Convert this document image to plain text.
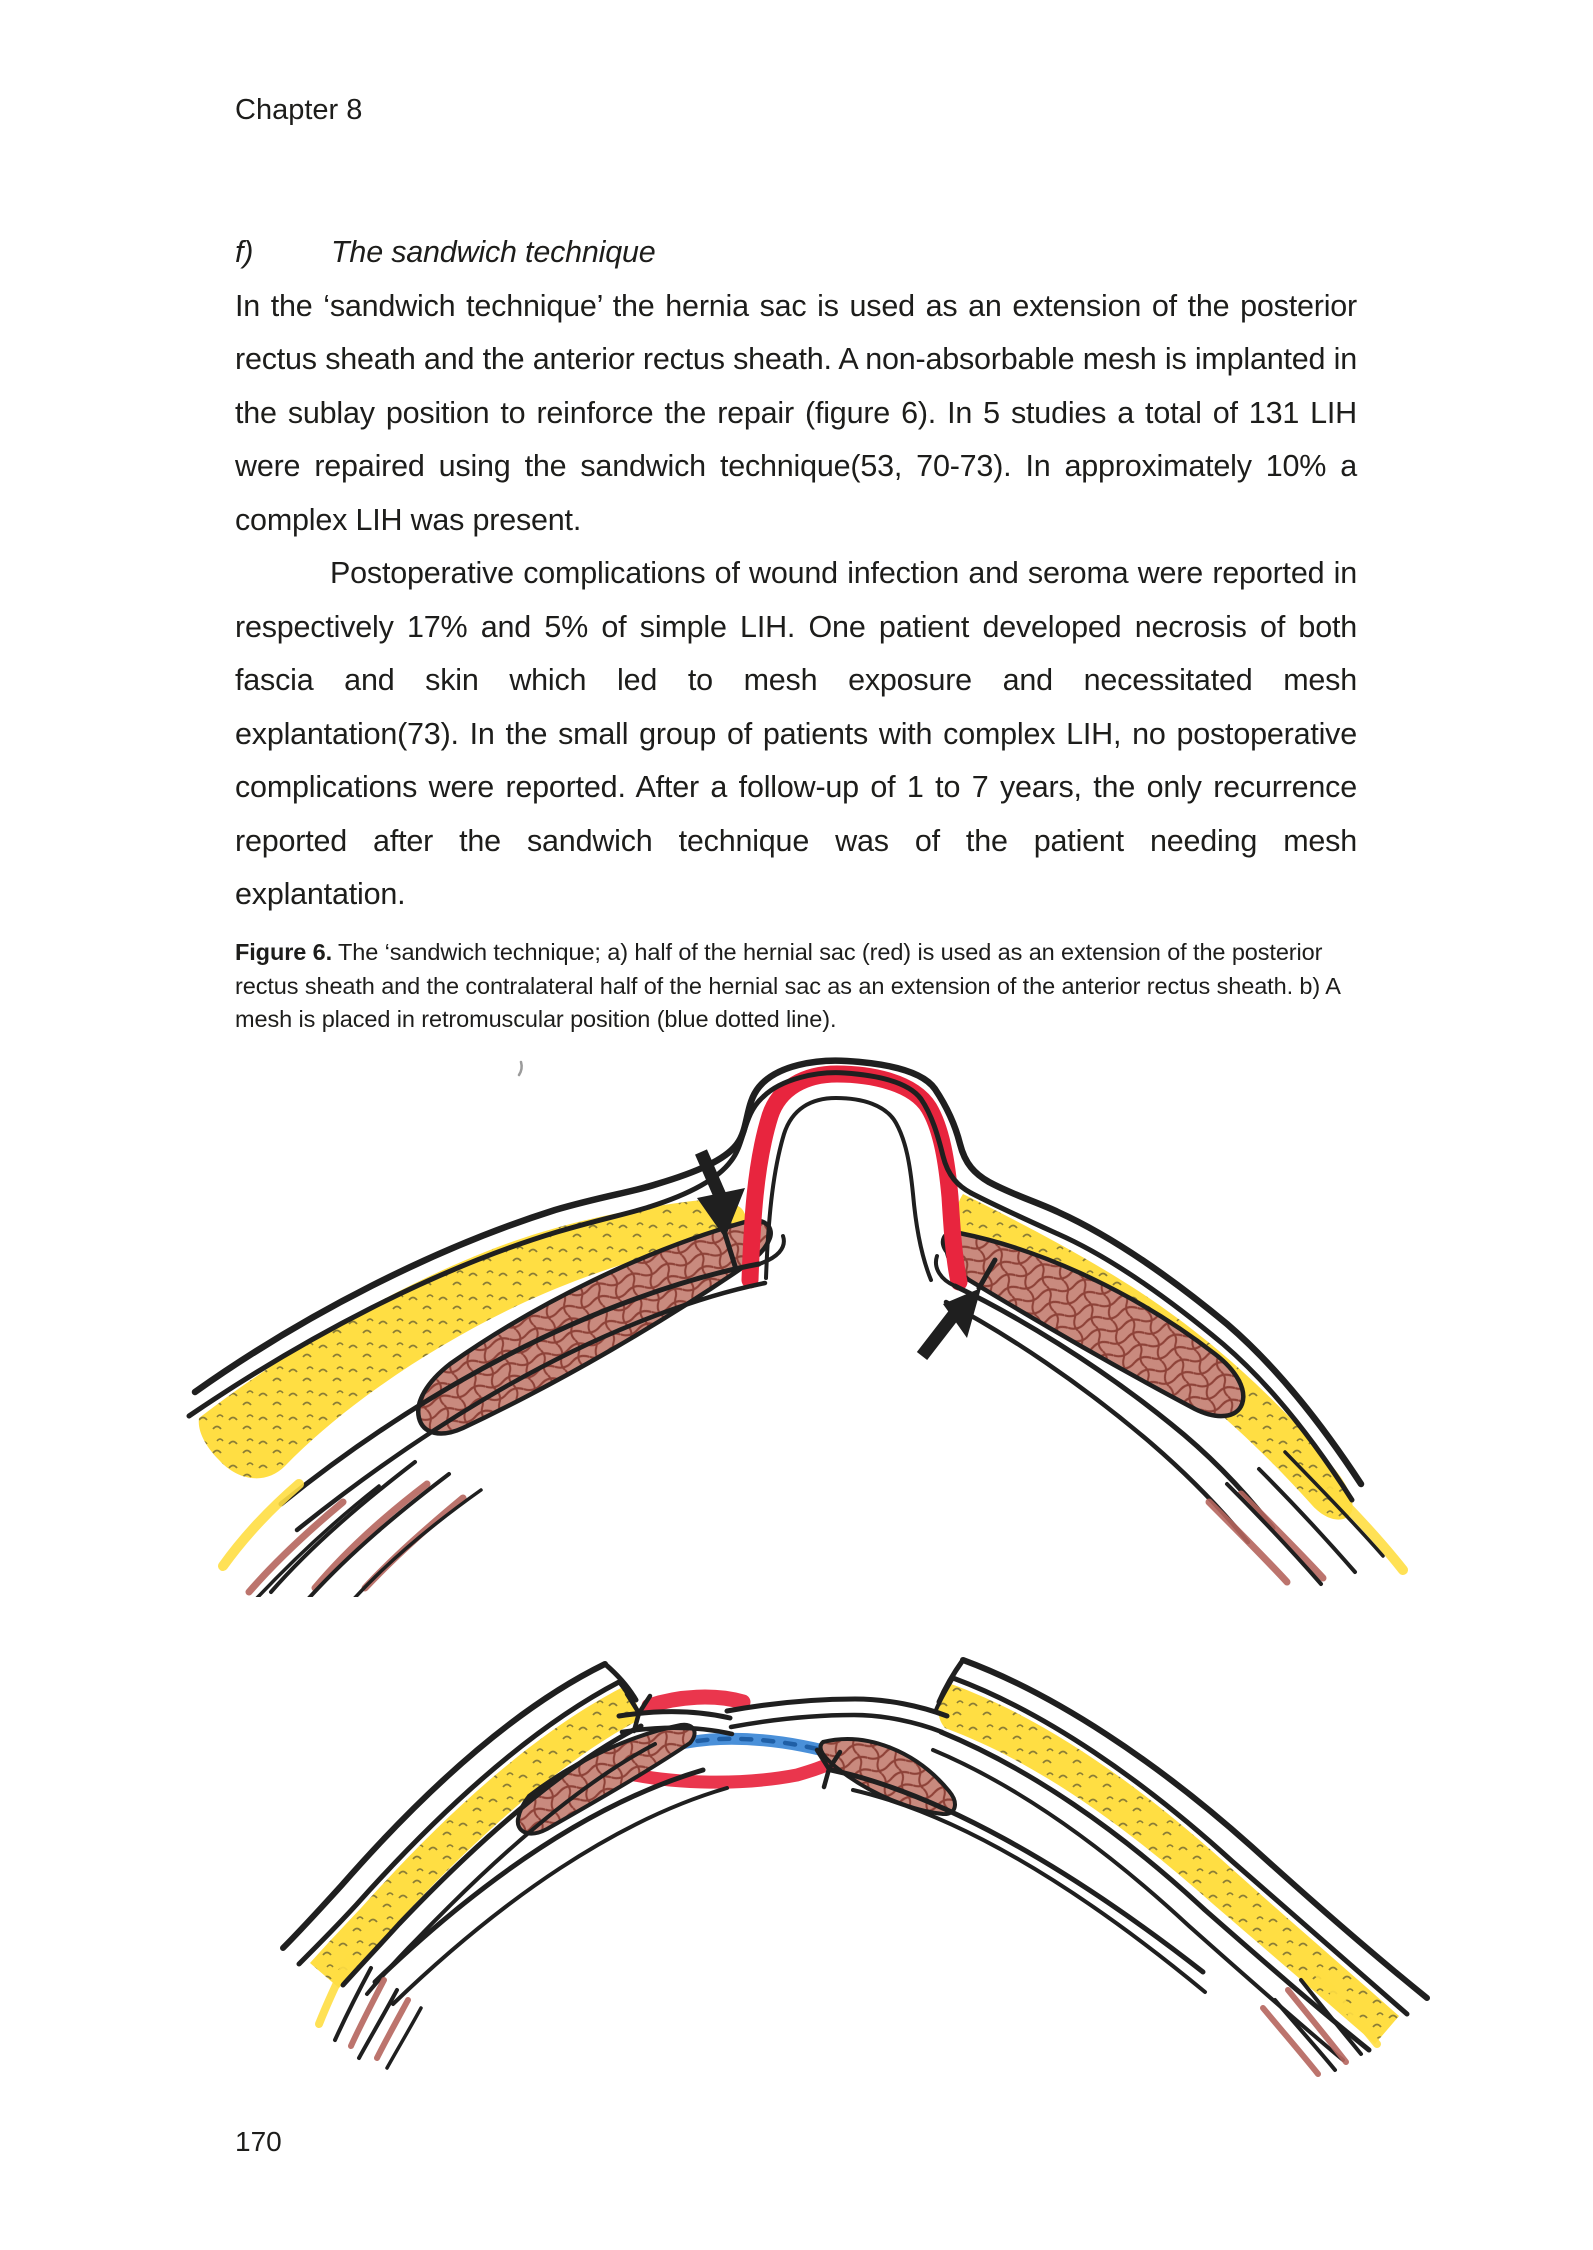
Chapter 8
f)	The sandwich technique

In the ‘sandwich technique’ the hernia sac is used as an extension of the posterior rectus sheath and the anterior rectus sheath. A non-absorbable mesh is implanted in the sublay position to reinforce the repair (figure 6). In 5 studies a total of 131 LIH were repaired using the sandwich technique(53, 70-73). In approximately 10% a complex LIH was present.

Postoperative complications of wound infection and seroma were reported in respectively 17% and 5% of simple LIH. One patient developed necrosis of both fascia and skin which led to mesh exposure and necessitated mesh explantation(73). In the small group of patients with complex LIH, no postoperative complications were reported. After a follow-up of 1 to 7 years, the only recurrence reported after the sandwich technique was of the patient needing mesh explantation.

Figure 6. The ‘sandwich technique; a) half of the hernial sac (red) is used as an extension of the posterior rectus sheath and the contralateral half of the hernial sac as an extension of the anterior rectus sheath. b) A mesh is placed in retromuscular position (blue dotted line).
170
